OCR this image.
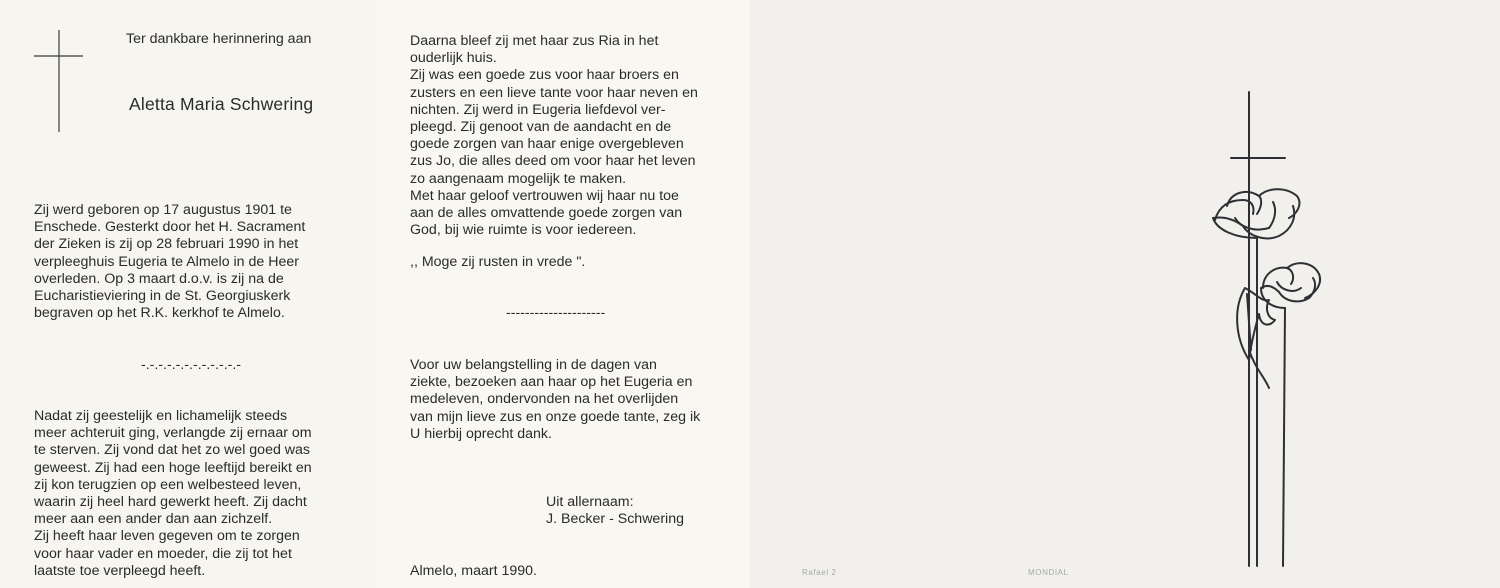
Ter dankbare herinnering aan

Aletta Maria Schwering

Zij werd geboren op 17 augustus 1901 te
Enschede. Gesterkt door het H. Sacrament
der Zieken is zij op 28 februari 1990 in het
verpleeghuis Eugeria te Almelo in de Heer
overleden. Op 3 maart d.o.v. is zij na de
Eucharistieviering in de St. Georgiuskerk
begraven op het R.K. kerkhof te Almelo.

-.-.-.-.-.-.-.-.-.-.-.-

Nadat zij geestelijk en lichamelijk steeds
meer achteruit ging, verlangde zij ernaar om
te sterven. Zij vond dat het zo wel goed was
geweest. Zij had een hoge leeftijd bereikt en
zij kon terugzien op een welbesteed leven,
waarin zij heel hard gewerkt heeft. Zij dacht
meer aan een ander dan aan zichzelf.
Zij heeft haar leven gegeven om te zorgen
voor haar vader en moeder, die zij tot het
laatste toe verpleegd heeft.

Daarna bleef zij met haar zus Ria in het
ouderlijk huis.
Zij was een goede zus voor haar broers en
zusters en een lieve tante voor haar neven en
nichten. Zij werd in Eugeria liefdevol ver-
pleegd. Zij genoot van de aandacht en de
goede zorgen van haar enige overgebleven
zus Jo, die alles deed om voor haar het leven
zo aangenaam mogelijk te maken.
Met haar geloof vertrouwen wij haar nu toe
aan de alles omvattende goede zorgen van
God, bij wie ruimte is voor iedereen.

,, Moge zij rusten in vrede ".

---------------------

Voor uw belangstelling in de dagen van
ziekte, bezoeken aan haar op het Eugeria en
medeleven, ondervonden na het overlijden
van mijn lieve zus en onze goede tante, zeg ik
U hierbij oprecht dank.

Uit allernaam:

J. Becker - Schwering

Almelo, maart 1990.	Rafael 2	MONDIAL
